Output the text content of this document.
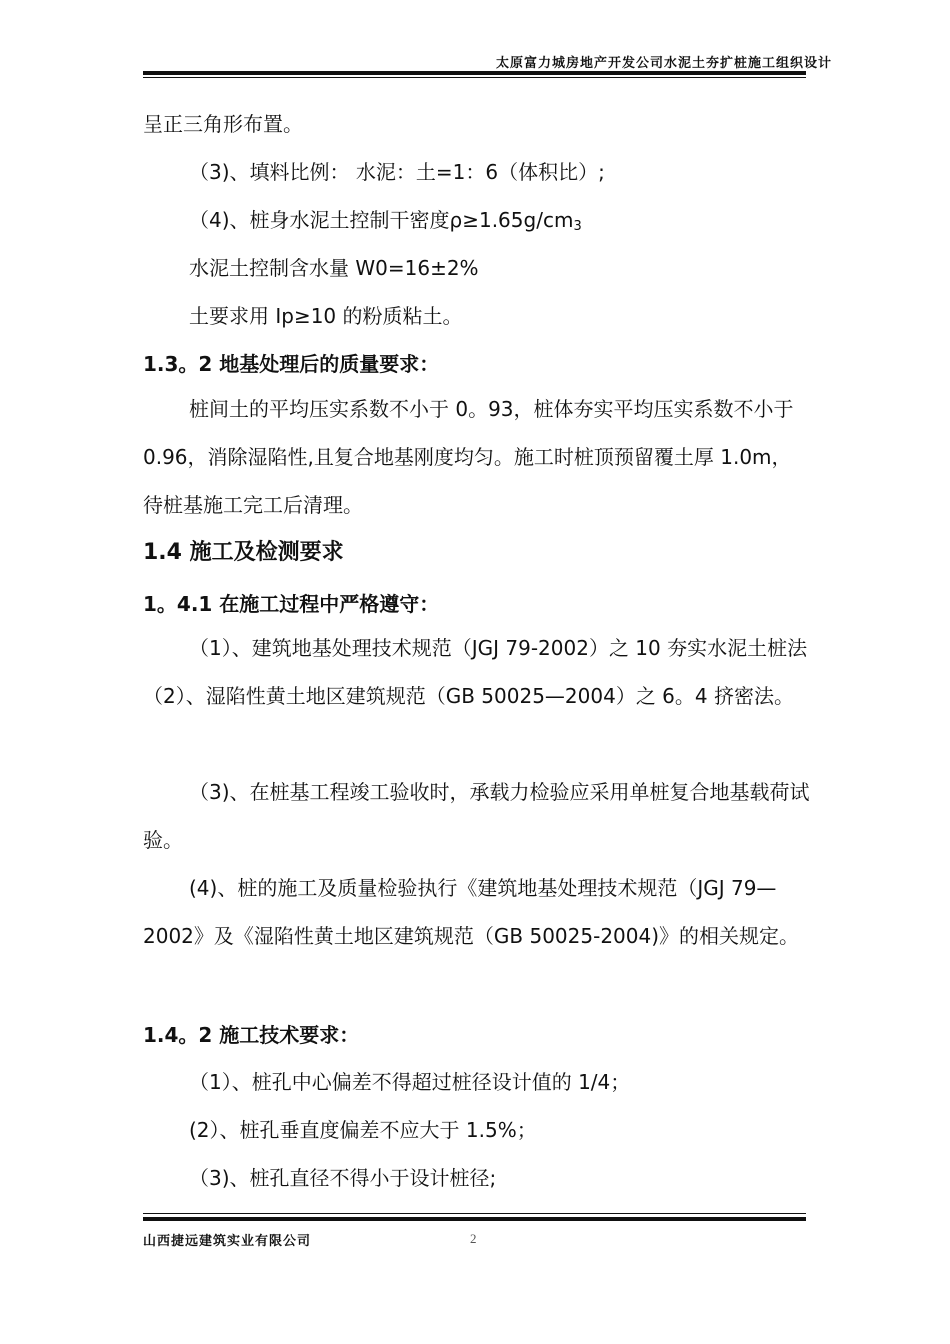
太原富力城房地产开发公司水泥土夯扩桩施工组织设计

呈正三角形布置。

（3)、填料比例： 水泥：土=1：6（体积比）;

（4)、桩身水泥土控制干密度$\rho\ge 1.65g/cm_3$

水泥土控制含水量 W0=16±2%

土要求用 Ip≥10 的粉质粘土。

1.3。2 地基处理后的质量要求：

桩间土的平均压实系数不小于 0。93，桩体夯实平均压实系数不小于 0.96，消除湿陷性,且复合地基刚度均匀。施工时桩顶预留覆土厚 1.0m，待桩基施工完工后清理。

1.4 施工及检测要求

1。4.1 在施工过程中严格遵守：

（1）、建筑地基处理技术规范（JGJ 79-2002）之 10 夯实水泥土桩法（2）、湿陷性黄土地区建筑规范（GB 50025—2004）之 6。4 挤密法。

（3)、在桩基工程竣工验收时，承载力检验应采用单桩复合地基载荷试验。

(4)、桩的施工及质量检验执行《建筑地基处理技术规范（JGJ 79—2002》及《湿陷性黄土地区建筑规范（GB 50025-2004)》的相关规定。

1.4。2 施工技术要求：

（1）、桩孔中心偏差不得超过桩径设计值的 1/4；

(2）、桩孔垂直度偏差不应大于 1.5%；

（3)、桩孔直径不得小于设计桩径;

山西捷远建筑实业有限公司	2
